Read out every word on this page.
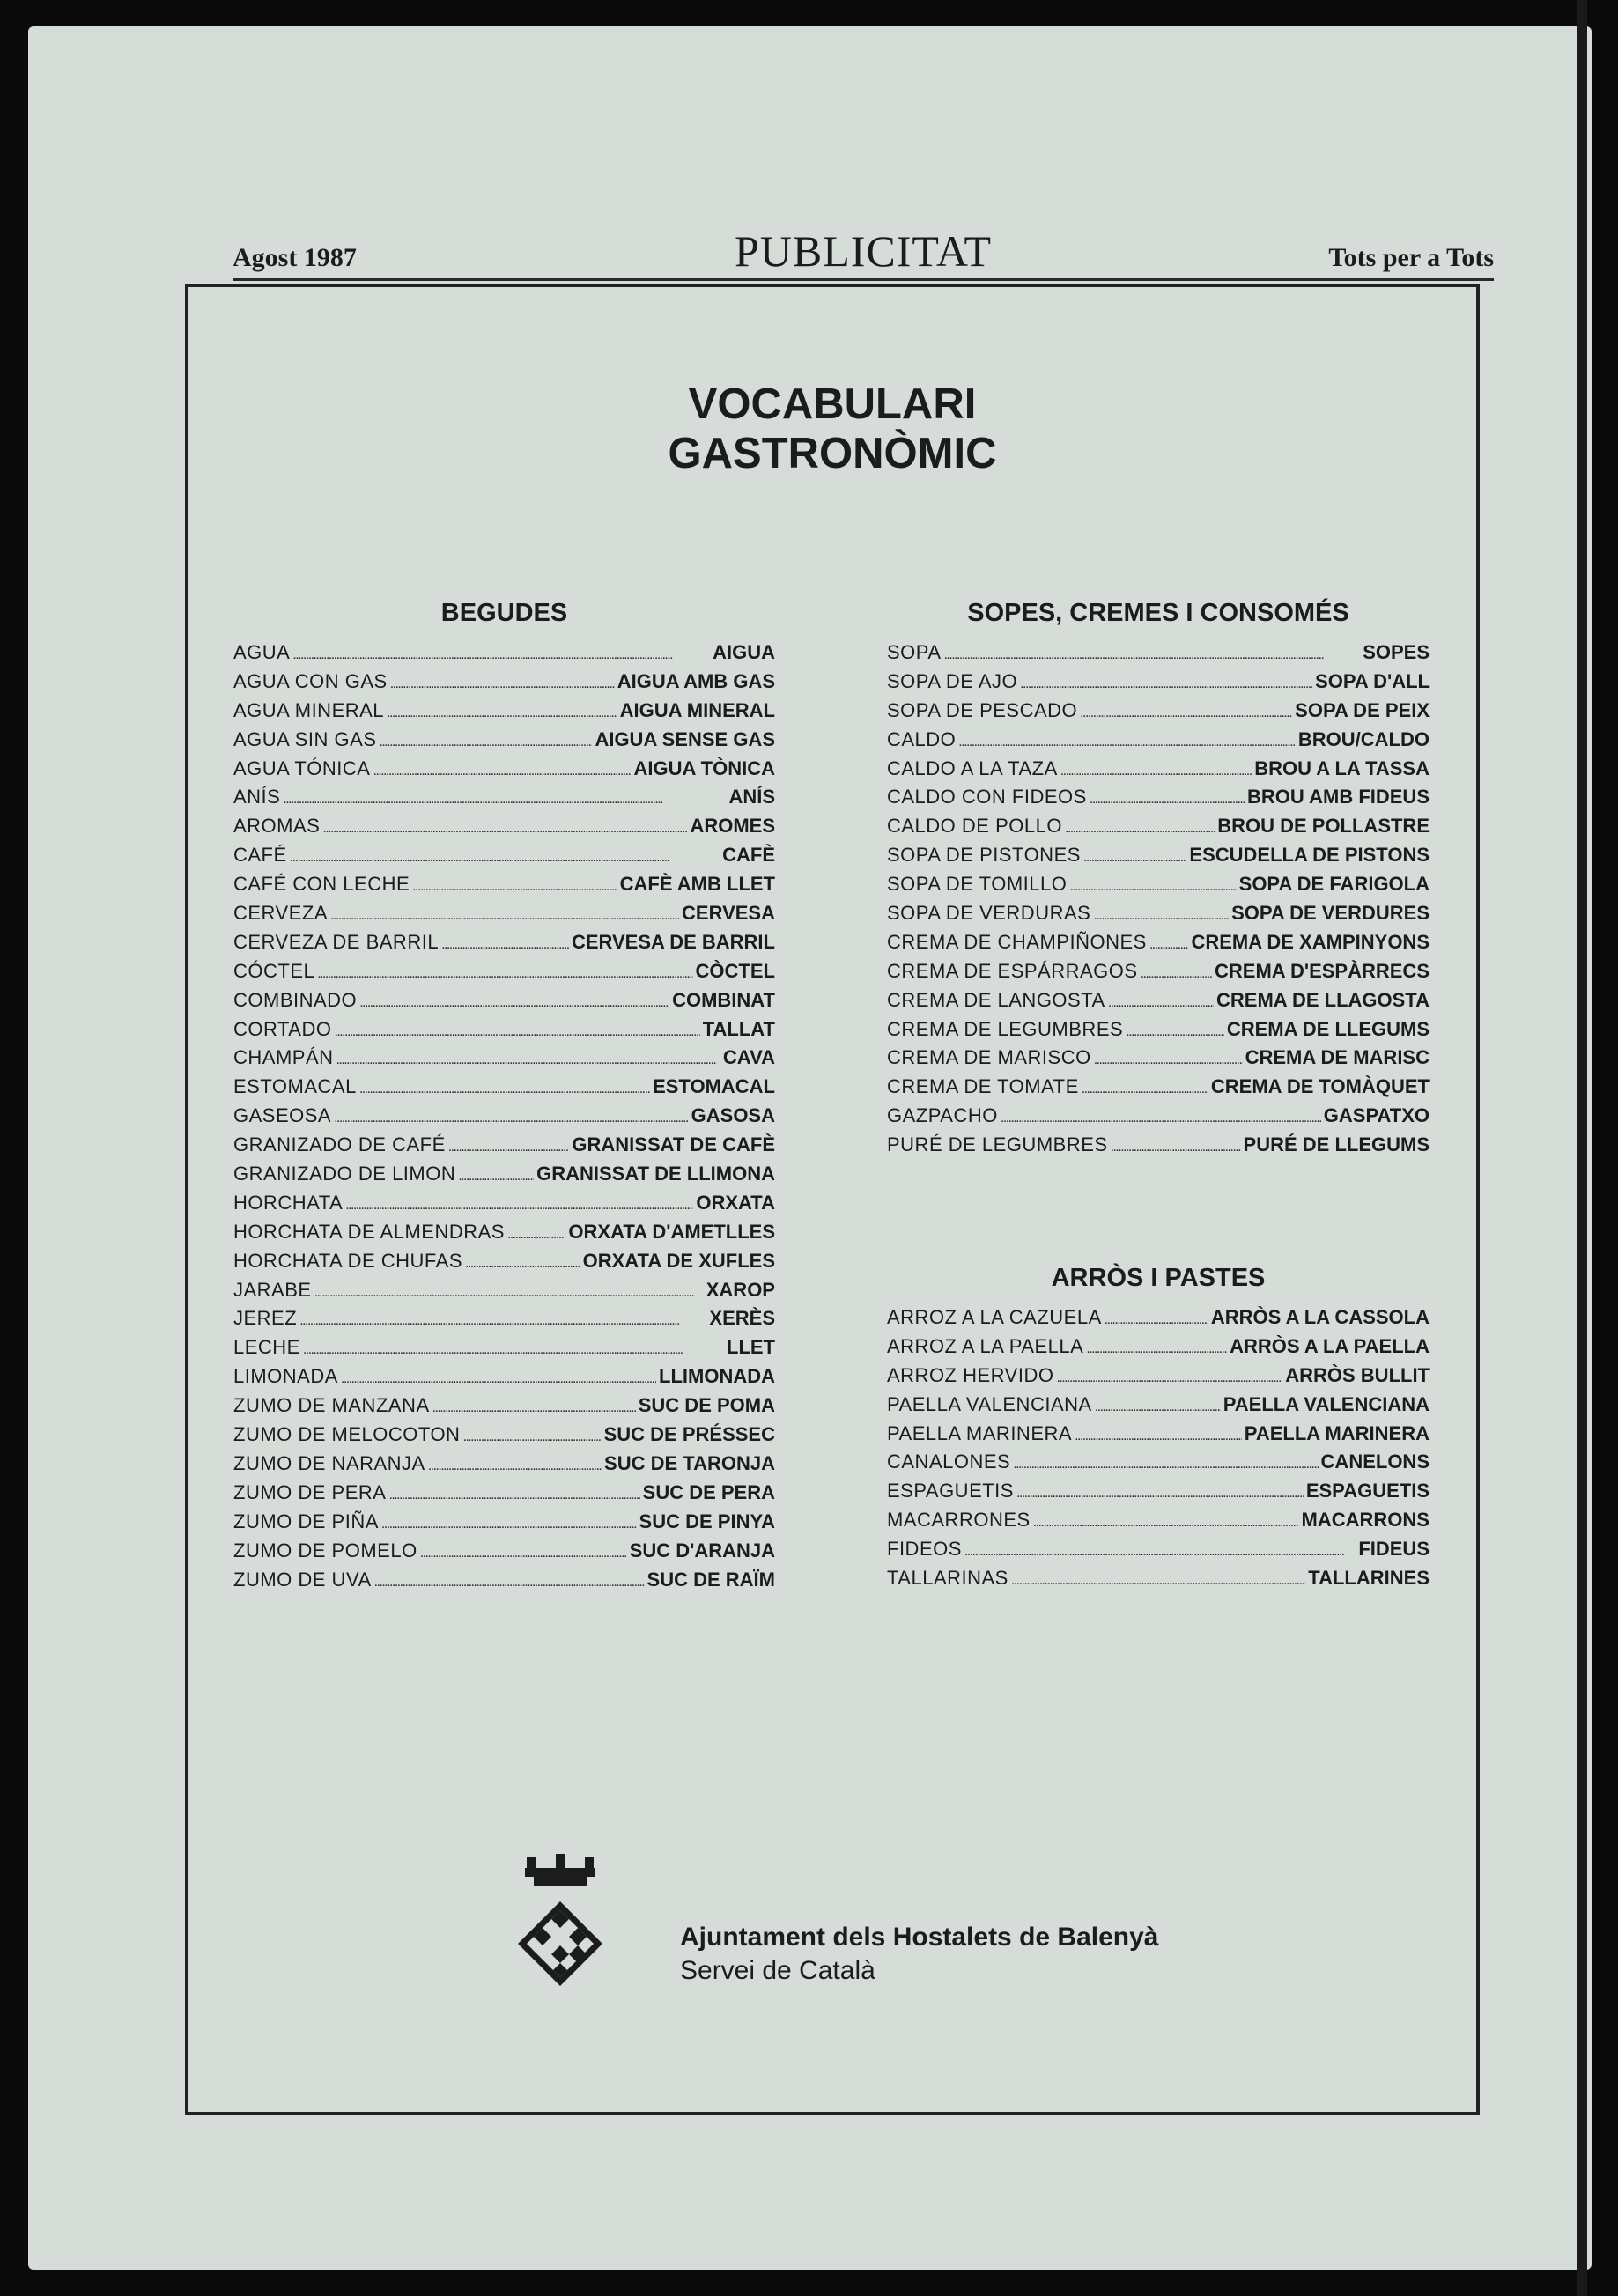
Agost 1987	PUBLICITAT	Tots per a Tots
VOCABULARI
GASTRONÒMIC
BEGUDES
AGUA . . .	AIGUA
AGUA CON GAS . . .	AIGUA AMB GAS
AGUA MINERAL . . .	AIGUA MINERAL
AGUA SIN GAS . . .	AIGUA SENSE GAS
AGUA TÓNICA . . .	AIGUA TÒNICA
ANÍS . . .	ANÍS
AROMAS . . .	AROMES
CAFÉ . . .	CAFÈ
CAFÉ CON LECHE . . .	CAFÈ AMB LLET
CERVEZA . . .	CERVESA
CERVEZA DE BARRIL . . .	CERVESA DE BARRIL
CÓCTEL . . .	CÒCTEL
COMBINADO . . .	COMBINAT
CORTADO . . .	TALLAT
CHAMPÁN . . .	CAVA
ESTOMACAL . . .	ESTOMACAL
GASEOSA . . .	GASOSA
GRANIZADO DE CAFÉ . . .	GRANISSAT DE CAFÈ
GRANIZADO DE LIMON . . .	GRANISSAT DE LLIMONA
HORCHATA . . .	ORXATA
HORCHATA DE ALMENDRAS . . .	ORXATA D'AMETLLES
HORCHATA DE CHUFAS . . .	ORXATA DE XUFLES
JARABE . . .	XAROP
JEREZ . . .	XERÈS
LECHE . . .	LLET
LIMONADA . . .	LLIMONADA
ZUMO DE MANZANA . . .	SUC DE POMA
ZUMO DE MELOCOTON . . .	SUC DE PRÉSSEC
ZUMO DE NARANJA . . .	SUC DE TARONJA
ZUMO DE PERA . . .	SUC DE PERA
ZUMO DE PIÑA . . .	SUC DE PINYA
ZUMO DE POMELO . . .	SUC D'ARANJA
ZUMO DE UVA . . .	SUC DE RAÏM
SOPES, CREMES I CONSOMÉS
SOPA . . .	SOPES
SOPA DE AJO . . .	SOPA D'ALL
SOPA DE PESCADO . . .	SOPA DE PEIX
CALDO . . .	BROU/CALDO
CALDO A LA TAZA . . .	BROU A LA TASSA
CALDO CON FIDEOS . . .	BROU AMB FIDEUS
CALDO DE POLLO . . .	BROU DE POLLASTRE
SOPA DE PISTONES . . .	ESCUDELLA DE PISTONS
SOPA DE TOMILLO . . .	SOPA DE FARIGOLA
SOPA DE VERDURAS . . .	SOPA DE VERDURES
CREMA DE CHAMPIÑONES . . . CREMA DE XAMPINYONS
CREMA DE ESPÁRRAGOS . . .	CREMA D'ESPÀRRECS
CREMA DE LANGOSTA . . .	CREMA DE LLAGOSTA
CREMA DE LEGUMBRES . . .	CREMA DE LLEGUMS
CREMA DE MARISCO . . .	CREMA DE MARISC
CREMA DE TOMATE . . .	CREMA DE TOMÀQUET
GAZPACHO . . .	GASPATXO
PURÉ DE LEGUMBRES . . .	PURÉ DE LLEGUMS
ARRÒS I PASTES
ARROZ A LA CAZUELA . . .	ARRÒS A LA CASSOLA
ARROZ A LA PAELLA . . .	ARRÒS A LA PAELLA
ARROZ HERVIDO . . .	ARRÒS BULLIT
PAELLA VALENCIANA . . .	PAELLA VALENCIANA
PAELLA MARINERA . . .	PAELLA MARINERA
CANALONES . . .	CANELONS
ESPAGUETIS . . .	ESPAGUETIS
MACARRONES . . .	MACARRONS
FIDEOS . . .	FIDEUS
TALLARINAS . . .	TALLARINES
Ajuntament dels Hostalets de Balenyà
Servei de Català
